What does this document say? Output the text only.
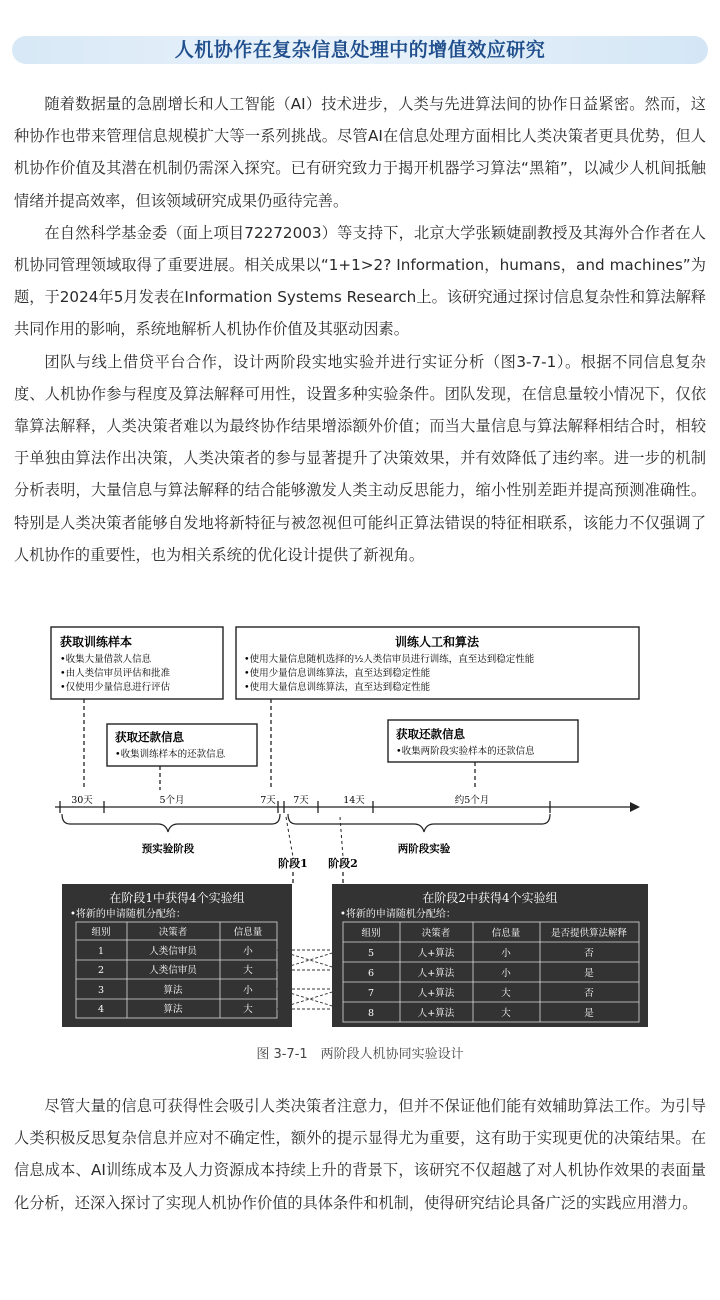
人机协作在复杂信息处理中的增值效应研究

随着数据量的急剧增长和人工智能（AI）技术进步，人类与先进算法间的协作日益紧密。然而，这种协作也带来管理信息规模扩大等一系列挑战。尽管AI在信息处理方面相比人类决策者更具优势，但人机协作价值及其潜在机制仍需深入探究。已有研究致力于揭开机器学习算法“黑箱”，以减少人机间抵触情绪并提高效率，但该领域研究成果仍亟待完善。

在自然科学基金委（面上项目72272003）等支持下，北京大学张颖婕副教授及其海外合作者在人机协同管理领域取得了重要进展。相关成果以“1+1>2? Information，humans，and machines”为题，于2024年5月发表在Information Systems Research上。该研究通过探讨信息复杂性和算法解释共同作用的影响，系统地解析人机协作价值及其驱动因素。

团队与线上借贷平台合作，设计两阶段实地实验并进行实证分析（图3-7-1）。根据不同信息复杂度、人机协作参与程度及算法解释可用性，设置多种实验条件。团队发现，在信息量较小情况下，仅依靠算法解释，人类决策者难以为最终协作结果增添额外价值；而当大量信息与算法解释相结合时，相较于单独由算法作出决策，人类决策者的参与显著提升了决策效果，并有效降低了违约率。进一步的机制分析表明，大量信息与算法解释的结合能够激发人类主动反思能力，缩小性别差距并提高预测准确性。特别是人类决策者能够自发地将新特征与被忽视但可能纠正算法错误的特征相联系，该能力不仅强调了人机协作的重要性，也为相关系统的优化设计提供了新视角。

获取训练样本
•收集大量借款人信息
•由人类信审员评估和批准
•仅使用少量信息进行评估
训练人工和算法
•使用大量信息随机选择的½人类信审员进行训练，直至达到稳定性能
•使用少量信息训练算法，直至达到稳定性能
•使用大量信息训练算法，直至达到稳定性能
获取还款信息
•收集训练样本的还款信息
获取还款信息
•收集两阶段实验样本的还款信息
30天	5个月	7天 7天	14天	约5个月
预实验阶段	两阶段实验
阶段1 阶段2
在阶段1中获得4个实验组
•将新的申请随机分配给：
组别	决策者	信息量
1	人类信审员	小
2	人类信审员	大
3	算法	小
4	算法	大
在阶段2中获得4个实验组
•将新的申请随机分配给：
组别	决策者	信息量	是否提供算法解释
5	人+算法	小	否
6	人+算法	小	是
7	人+算法	大	否
8	人+算法	大	是
图 3-7-1　两阶段人机协同实验设计

尽管大量的信息可获得性会吸引人类决策者注意力，但并不保证他们能有效辅助算法工作。为引导人类积极反思复杂信息并应对不确定性，额外的提示显得尤为重要，这有助于实现更优的决策结果。在信息成本、AI训练成本及人力资源成本持续上升的背景下，该研究不仅超越了对人机协作效果的表面量化分析，还深入探讨了实现人机协作价值的具体条件和机制，使得研究结论具备广泛的实践应用潜力。
